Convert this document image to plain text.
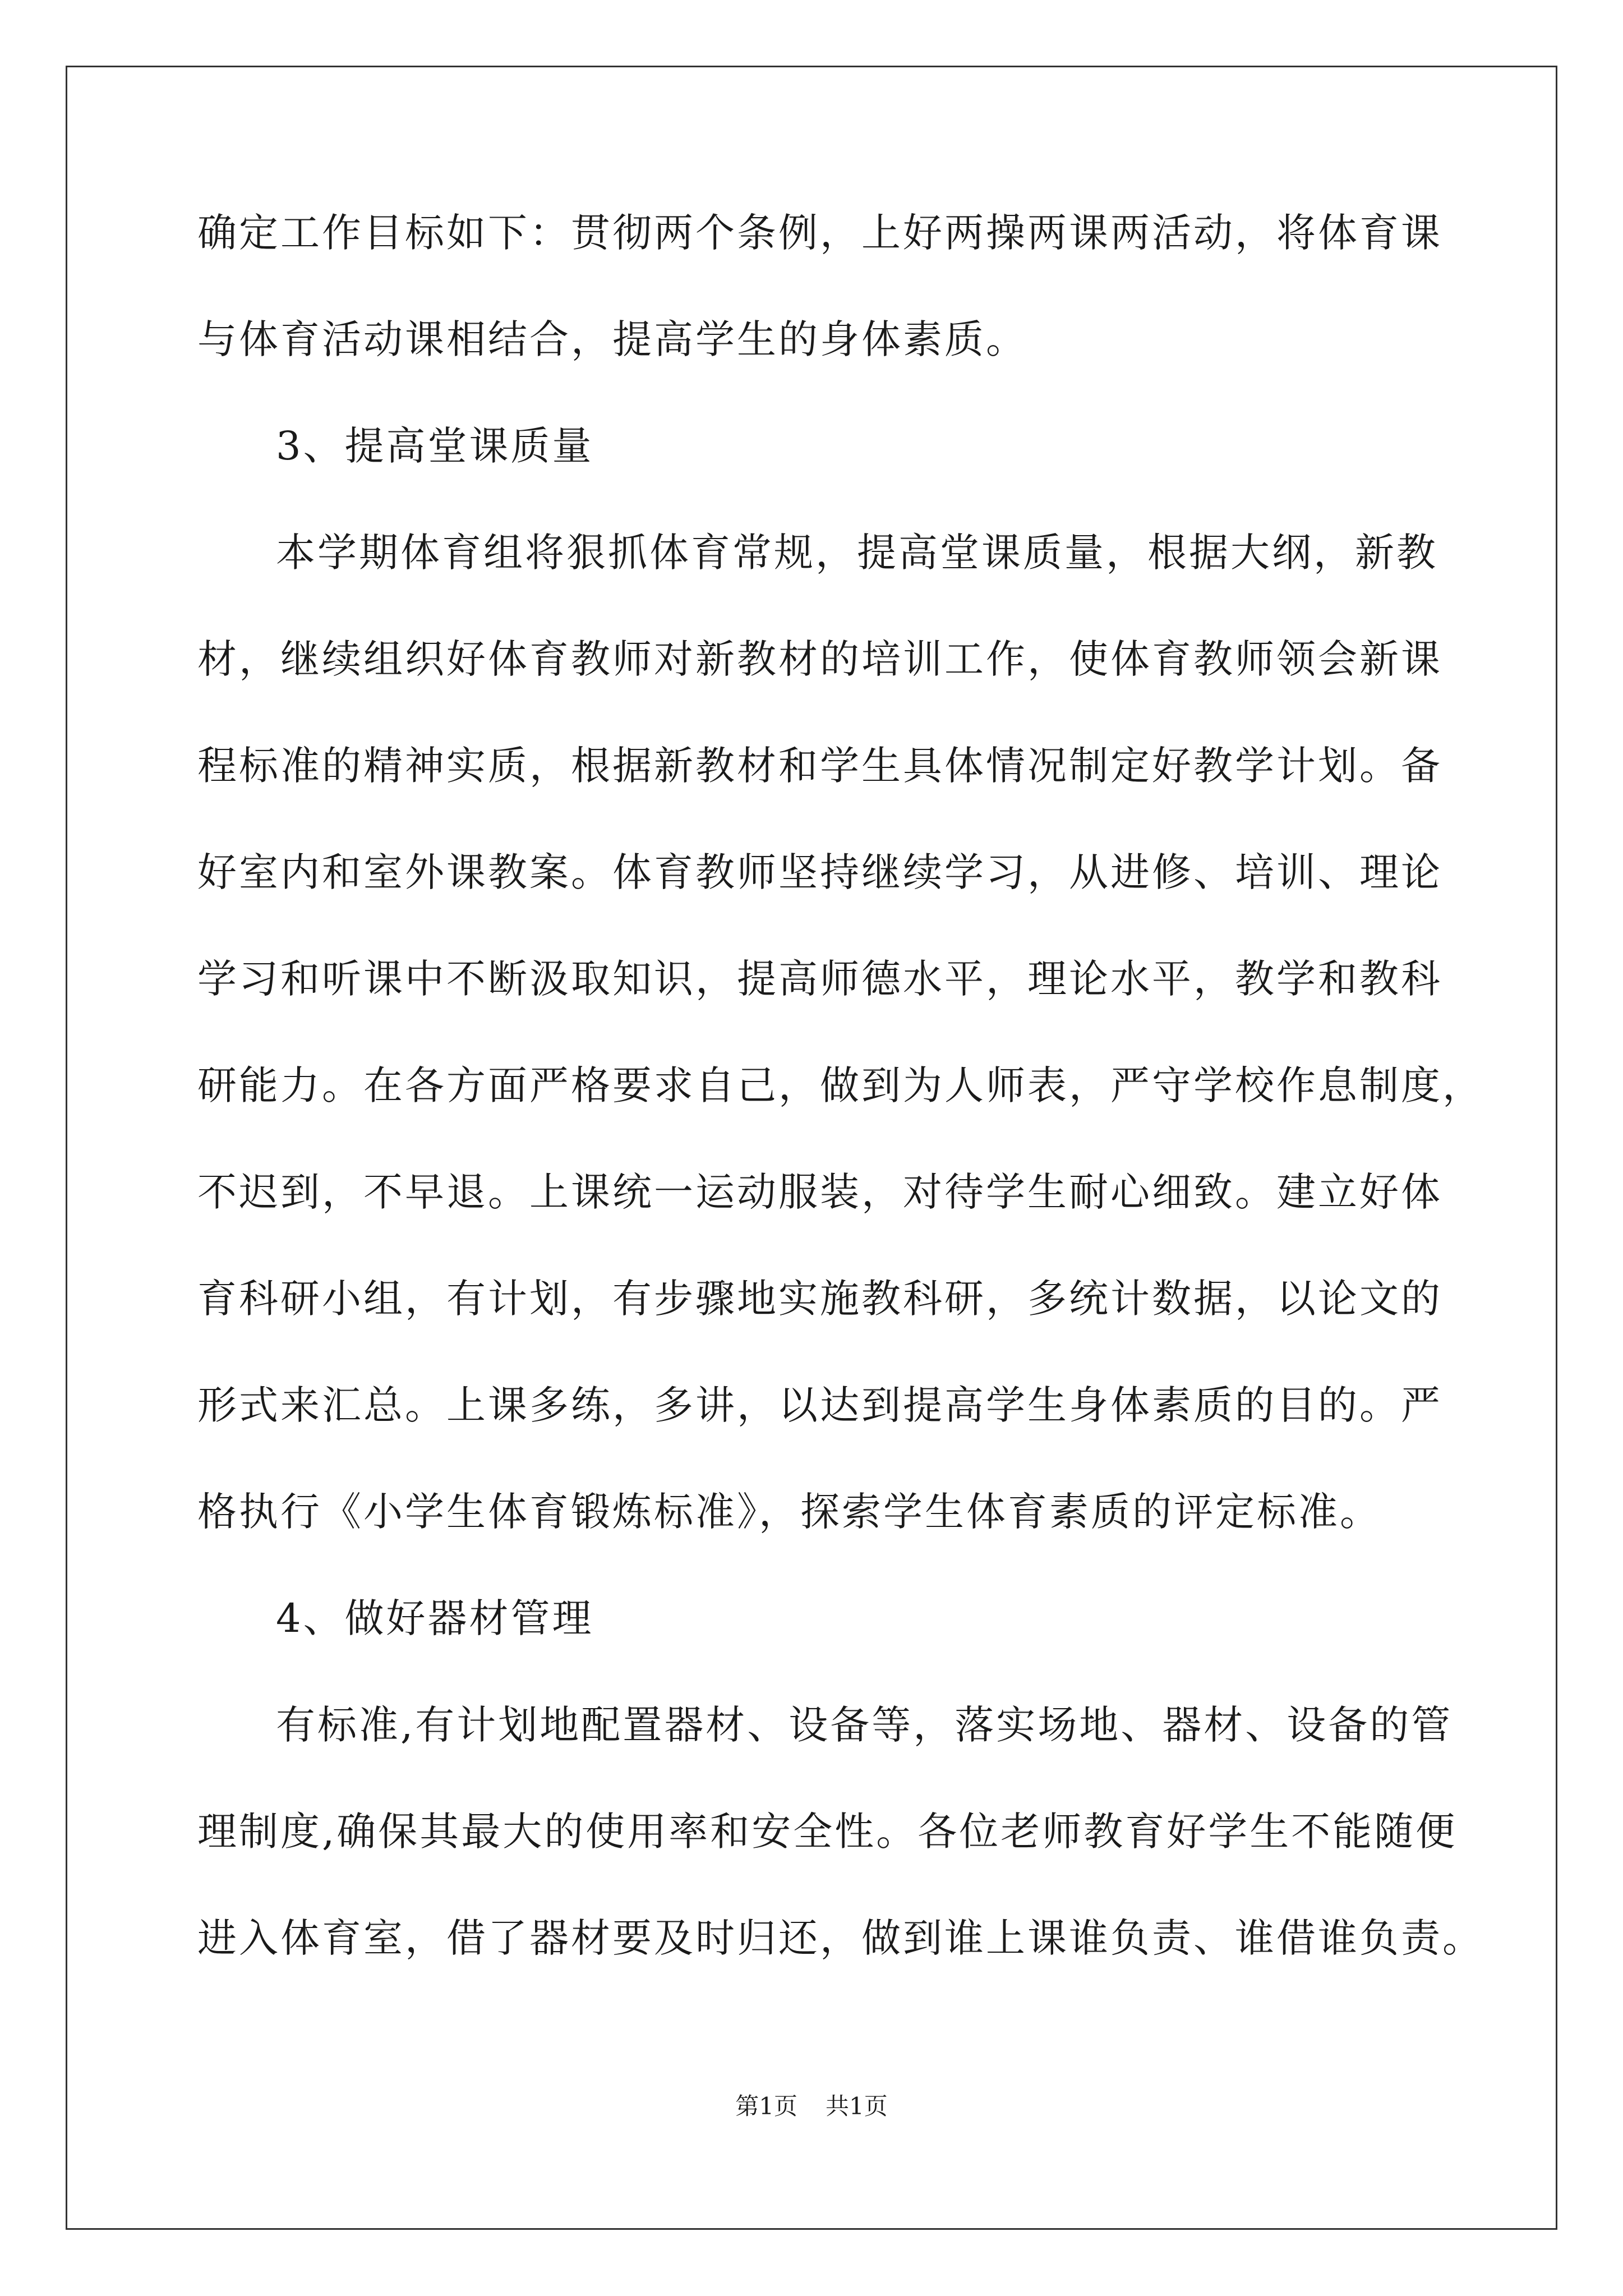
确定工作目标如下：贯彻两个条例，上好两操两课两活动，将体育课
与体育活动课相结合，提高学生的身体素质。
3、提高堂课质量
本学期体育组将狠抓体育常规，提高堂课质量，根据大纲，新教
材，继续组织好体育教师对新教材的培训工作，使体育教师领会新课
程标准的精神实质，根据新教材和学生具体情况制定好教学计划。备
好室内和室外课教案。体育教师坚持继续学习，从进修、培训、理论
学习和听课中不断汲取知识，提高师德水平，理论水平，教学和教科
研能力。在各方面严格要求自己，做到为人师表，严守学校作息制度，
不迟到，不早退。上课统一运动服装，对待学生耐心细致。建立好体
育科研小组，有计划，有步骤地实施教科研，多统计数据，以论文的
形式来汇总。上课多练，多讲，以达到提高学生身体素质的目的。严
格执行《小学生体育锻炼标准》，探索学生体育素质的评定标准。
4、做好器材管理
有标准,有计划地配置器材、设备等，落实场地、器材、设备的管
理制度,确保其最大的使用率和安全性。各位老师教育好学生不能随便
进入体育室，借了器材要及时归还，做到谁上课谁负责、谁借谁负责。
第1页 共1页
